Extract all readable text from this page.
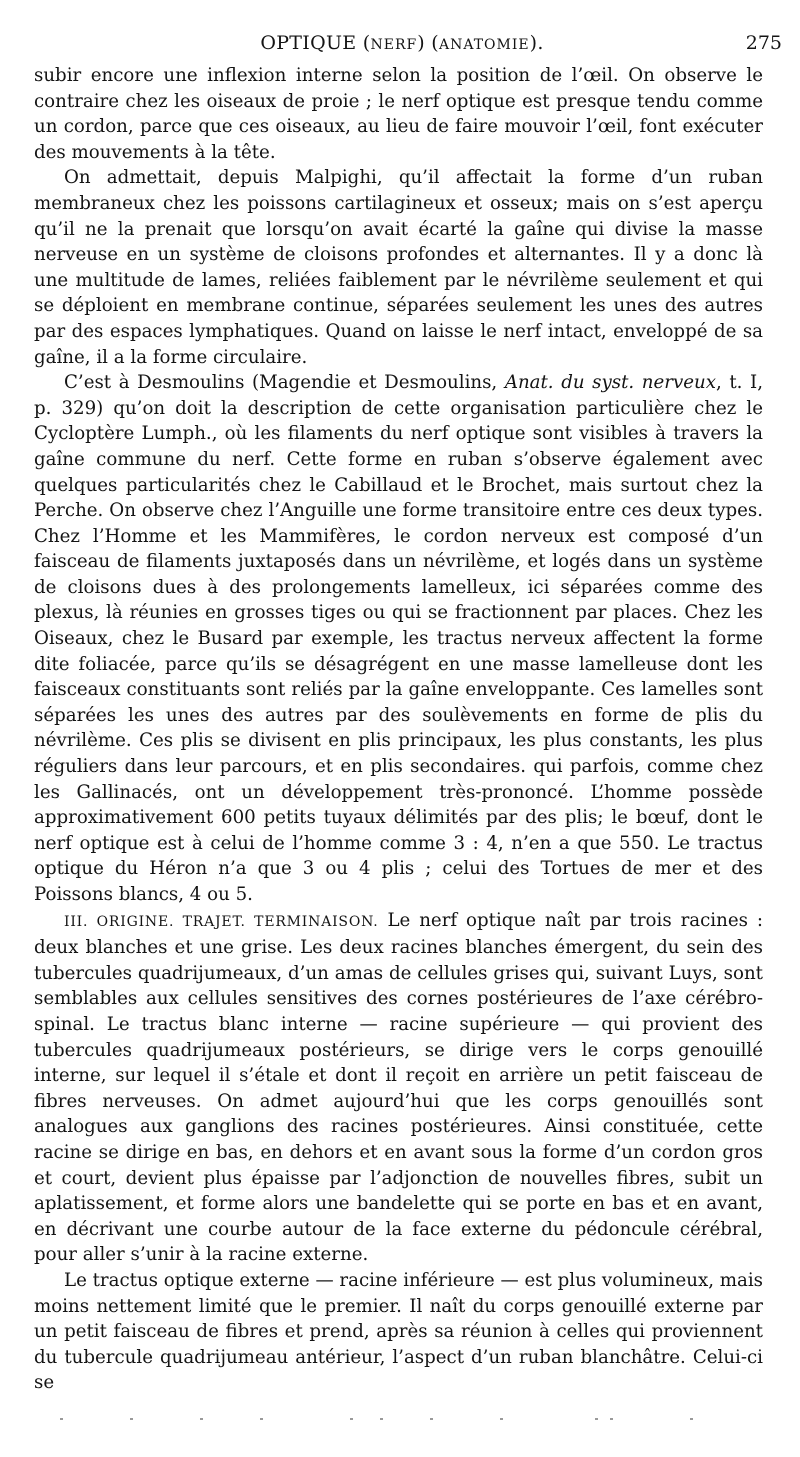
OPTIQUE (NERF) (ANATOMIE).	275

subir encore une inflexion interne selon la position de l’œil. On observe le contraire chez les oiseaux de proie ; le nerf optique est presque tendu comme un cordon, parce que ces oiseaux, au lieu de faire mouvoir l’œil, font exécuter des mouvements à la tête.

On admettait, depuis Malpighi, qu’il affectait la forme d’un ruban membraneux chez les poissons cartilagineux et osseux; mais on s’est aperçu qu’il ne la prenait que lorsqu’on avait écarté la gaîne qui divise la masse nerveuse en un système de cloisons profondes et alternantes. Il y a donc là une multitude de lames, reliées faiblement par le névrilème seulement et qui se déploient en membrane continue, séparées seulement les unes des autres par des espaces lymphatiques. Quand on laisse le nerf intact, enveloppé de sa gaîne, il a la forme circulaire.

C’est à Desmoulins (Magendie et Desmoulins, Anat. du syst. nerveux, t. I, p. 329) qu’on doit la description de cette organisation particulière chez le Cycloptère Lumph., où les filaments du nerf optique sont visibles à travers la gaîne commune du nerf. Cette forme en ruban s’observe également avec quelques particularités chez le Cabillaud et le Brochet, mais surtout chez la Perche. On observe chez l’Anguille une forme transitoire entre ces deux types. Chez l’Homme et les Mammifères, le cordon nerveux est composé d’un faisceau de filaments juxtaposés dans un névrilème, et logés dans un système de cloisons dues à des prolongements lamelleux, ici séparées comme des plexus, là réunies en grosses tiges ou qui se fractionnent par places. Chez les Oiseaux, chez le Busard par exemple, les tractus nerveux affectent la forme dite foliacée, parce qu’ils se désagrégent en une masse lamelleuse dont les faisceaux constituants sont reliés par la gaîne enveloppante. Ces lamelles sont séparées les unes des autres par des soulèvements en forme de plis du névrilème. Ces plis se divisent en plis principaux, les plus constants, les plus réguliers dans leur parcours, et en plis secondaires. qui parfois, comme chez les Gallinacés, ont un développement très-prononcé. L’homme possède approximativement 600 petits tuyaux délimités par des plis; le bœuf, dont le nerf optique est à celui de l’homme comme 3 : 4, n’en a que 550. Le tractus optique du Héron n’a que 3 ou 4 plis ; celui des Tortues de mer et des Poissons blancs, 4 ou 5.

III. ORIGINE. TRAJET. TERMINAISON. Le nerf optique naît par trois racines : deux blanches et une grise. Les deux racines blanches émergent, du sein des tubercules quadrijumeaux, d’un amas de cellules grises qui, suivant Luys, sont semblables aux cellules sensitives des cornes postérieures de l’axe cérébro-spinal. Le tractus blanc interne — racine supérieure — qui provient des tubercules quadrijumeaux postérieurs, se dirige vers le corps genouillé interne, sur lequel il s’étale et dont il reçoit en arrière un petit faisceau de fibres nerveuses. On admet aujourd’hui que les corps genouillés sont analogues aux ganglions des racines postérieures. Ainsi constituée, cette racine se dirige en bas, en dehors et en avant sous la forme d’un cordon gros et court, devient plus épaisse par l’adjonction de nouvelles fibres, subit un aplatissement, et forme alors une bandelette qui se porte en bas et en avant, en décrivant une courbe autour de la face externe du pédoncule cérébral, pour aller s’unir à la racine externe.

Le tractus optique externe — racine inférieure — est plus volumineux, mais moins nettement limité que le premier. Il naît du corps genouillé externe par un petit faisceau de fibres et prend, après sa réunion à celles qui proviennent du tubercule quadrijumeau antérieur, l’aspect d’un ruban blanchâtre. Celui-ci se
